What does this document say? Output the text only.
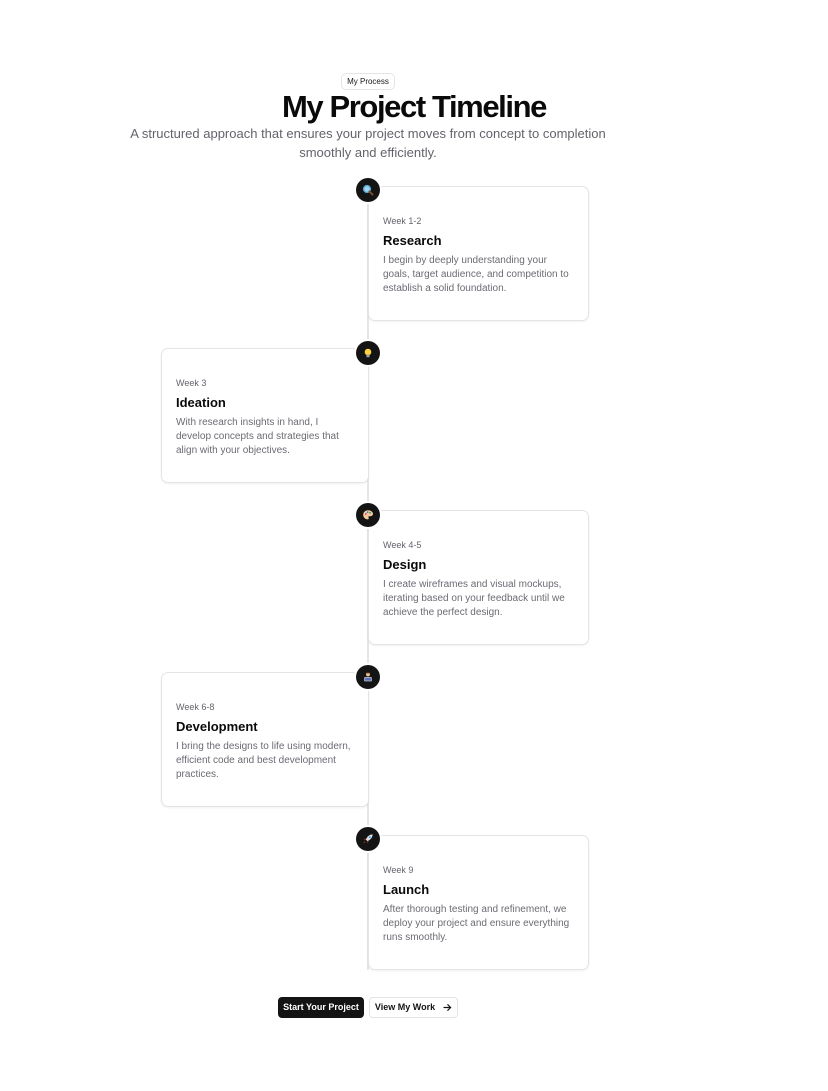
My Process
My Project Timeline

A structured approach that ensures your project moves from concept to completion smoothly and efficiently.

Week 1-2
Research
I begin by deeply understanding your goals, target audience, and competition to establish a solid foundation.
Week 3
Ideation
With research insights in hand, I develop concepts and strategies that align with your objectives.
Week 4-5
Design
I create wireframes and visual mockups, iterating based on your feedback until we achieve the perfect design.
Week 6-8
Development
I bring the designs to life using modern, efficient code and best development practices.
Week 9
Launch
After thorough testing and refinement, we deploy your project and ensure everything runs smoothly.
Start Your Project	View My Work
